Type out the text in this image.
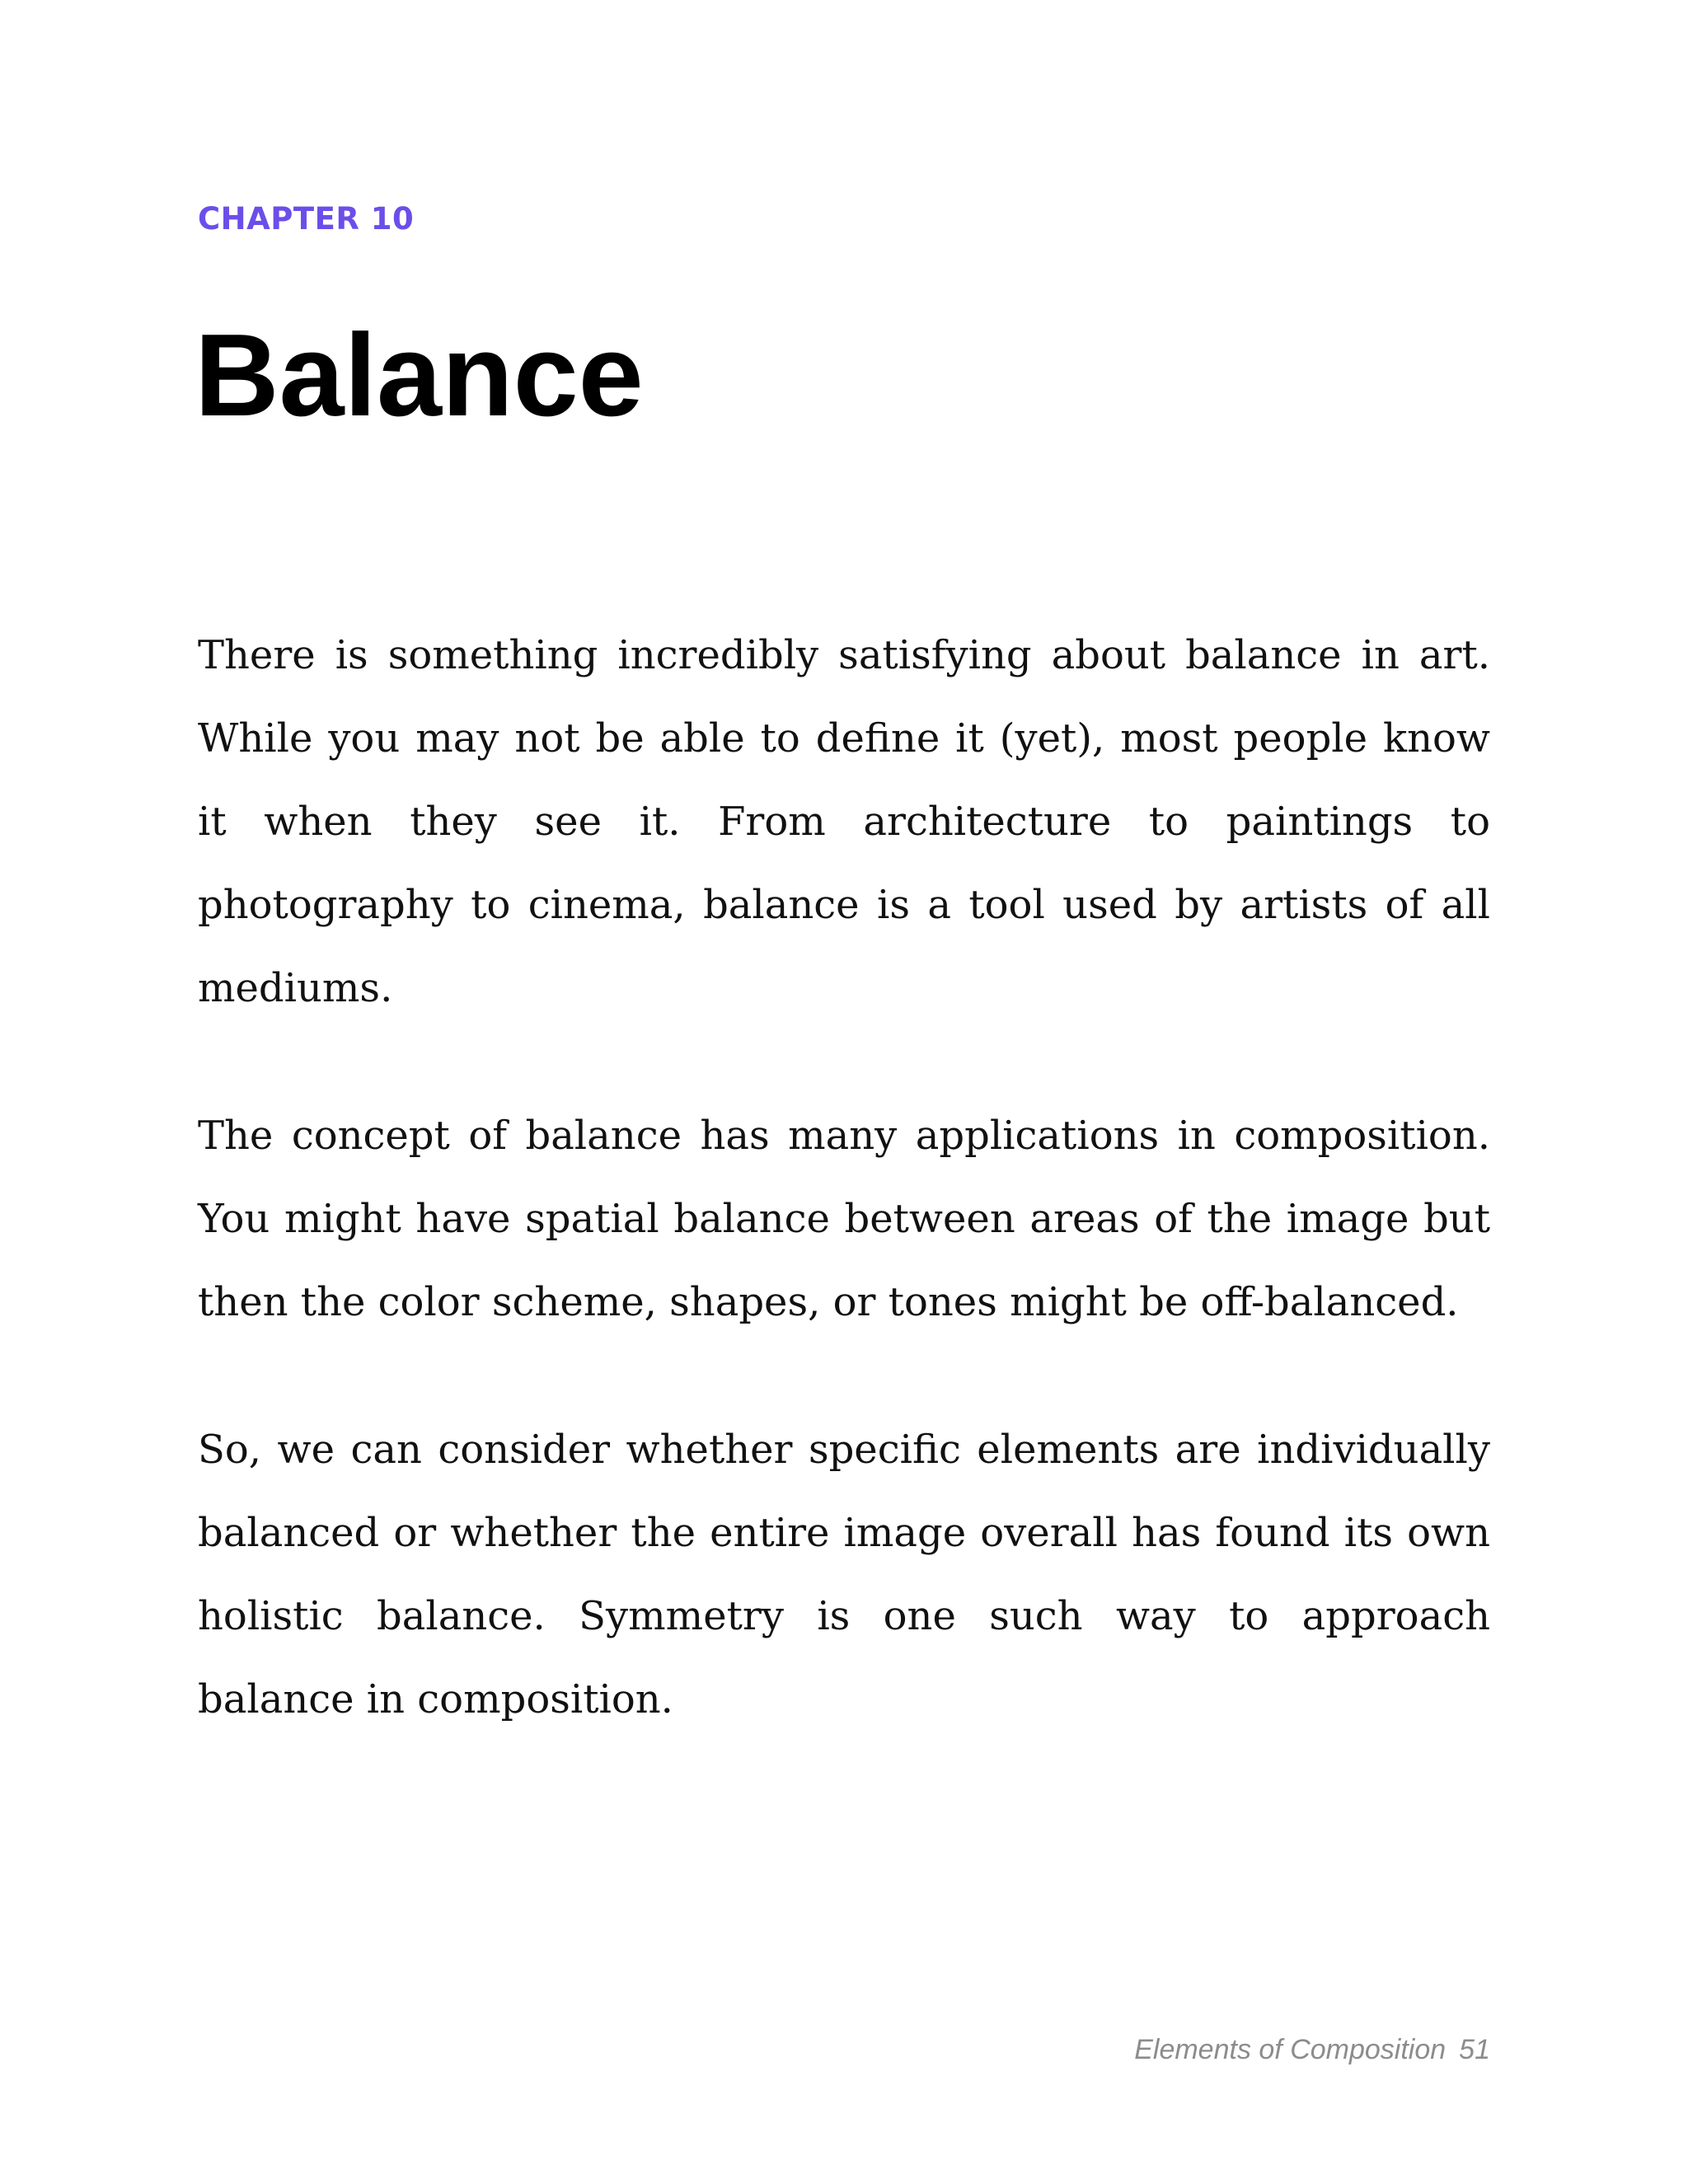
CHAPTER 10
Balance

There is something incredibly satisfying about balance in art. While you may not be able to define it (yet), most people know it when they see it. From architecture to paintings to photography to cinema, balance is a tool used by artists of all mediums.

The concept of balance has many applications in composition. You might have spatial balance between areas of the image but then the color scheme, shapes, or tones might be off-balanced.

So, we can consider whether specific elements are individually balanced or whether the entire image overall has found its own holistic balance. Symmetry is one such way to approach balance in composition.

Elements of Composition 51
